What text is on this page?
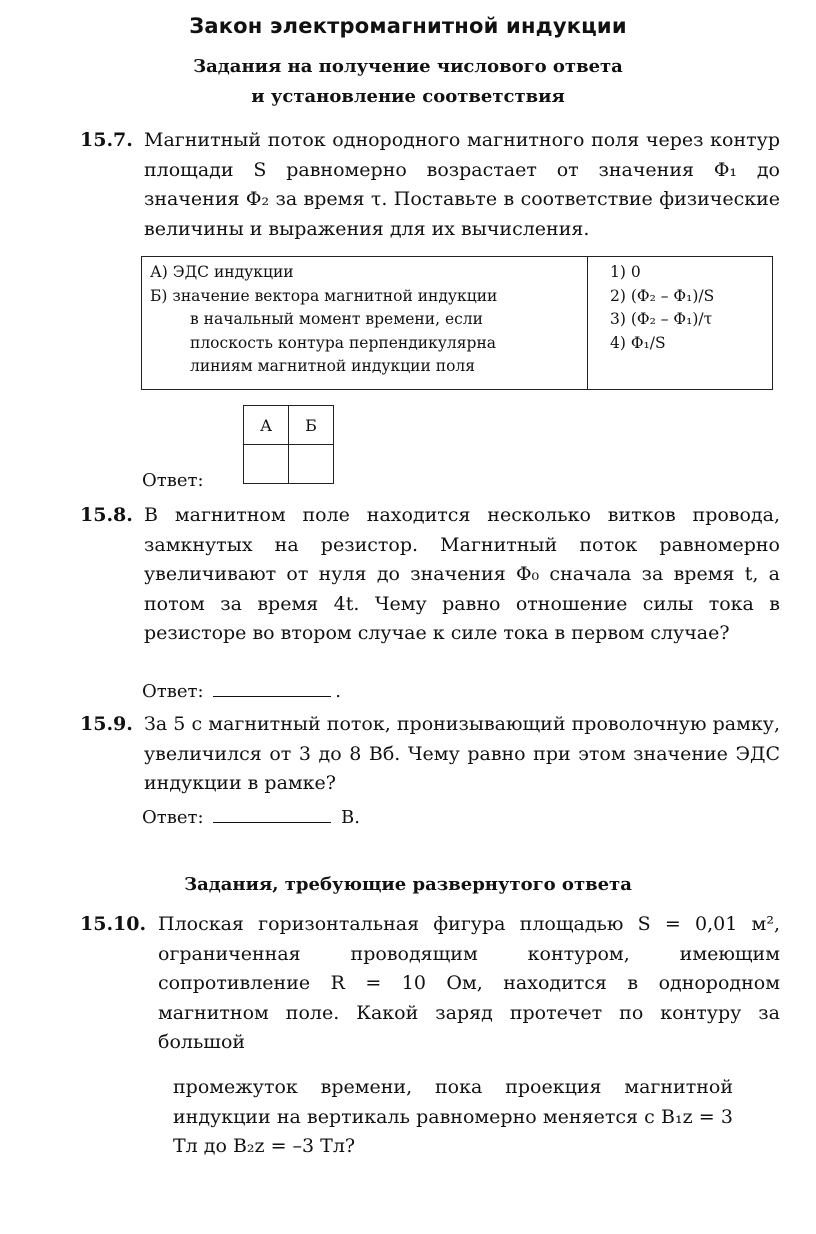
Закон электромагнитной индукции
Задания на получение числового ответа
и установление соответствия
15.7. Магнитный поток однородного магнитного поля через контур площади S равномерно возрастает от значения Φ₁ до значения Φ₂ за время τ. Поставьте в соответствие физические величины и выражения для их вычисления.
А) ЭДС индукции
Б) значение вектора магнитной индукции
в начальный момент времени, если
плоскость контура перпендикулярна
линиям магнитной индукции поля
1) 0
2) (Φ₂ – Φ₁)/S
3) (Φ₂ – Φ₁)/τ
4) Φ₁/S
Ответ:
А	Б

15.8. В магнитном поле находится несколько витков провода, замкнутых на резистор. Магнитный поток равномерно увеличивают от нуля до значения Φ₀ сначала за время t, а потом за время 4t. Чему равно отношение силы тока в резисторе во втором случае к силе тока в первом случае?
Ответ:	.
15.9. За 5 с магнитный поток, пронизывающий проволочную рамку, увеличился от 3 до 8 Вб. Чему равно при этом значение ЭДС индукции в рамке?
Ответ:	В.
Задания, требующие развернутого ответа
15.10. Плоская горизонтальная фигура площадью S = 0,01 м², ограниченная проводящим контуром, имеющим сопротивление R = 10 Ом, находится в однородном магнитном поле. Какой заряд протечет по контуру за большой
промежуток времени, пока проекция магнитной индукции на вертикаль равномерно меняется с B₁z = 3 Тл до B₂z = –3 Тл?
